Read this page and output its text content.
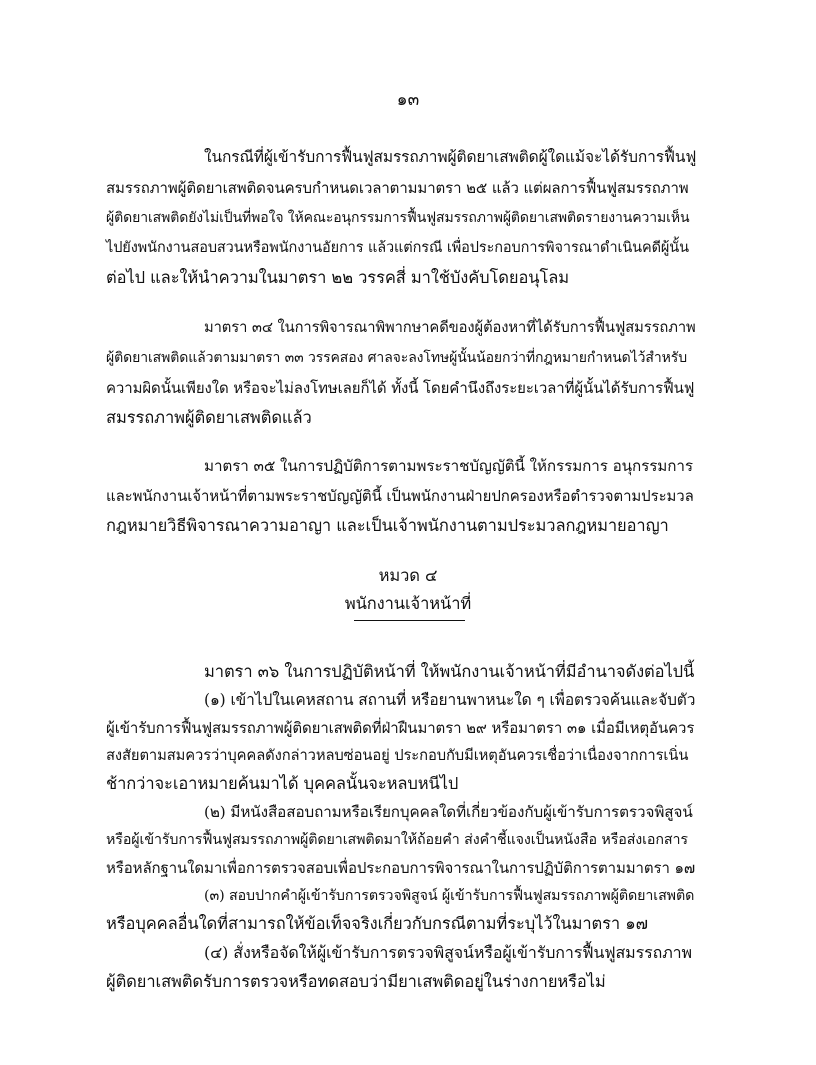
๑๓
ในกรณีที่ผู้เข้ารับการฟื้นฟูสมรรถภาพผู้ติดยาเสพติดผู้ใดแม้จะได้รับการฟื้นฟู
สมรรถภาพผู้ติดยาเสพติดจนครบกำหนดเวลาตามมาตรา ๒๕ แล้ว แต่ผลการฟื้นฟูสมรรถภาพ
ผู้ติดยาเสพติดยังไม่เป็นที่พอใจ ให้คณะอนุกรรมการฟื้นฟูสมรรถภาพผู้ติดยาเสพติดรายงานความเห็น
ไปยังพนักงานสอบสวนหรือพนักงานอัยการ แล้วแต่กรณี เพื่อประกอบการพิจารณาดำเนินคดีผู้นั้น
ต่อไป และให้นำความในมาตรา ๒๒ วรรคสี่ มาใช้บังคับโดยอนุโลม
มาตรา ๓๔ ในการพิจารณาพิพากษาคดีของผู้ต้องหาที่ได้รับการฟื้นฟูสมรรถภาพ
ผู้ติดยาเสพติดแล้วตามมาตรา ๓๓ วรรคสอง ศาลจะลงโทษผู้นั้นน้อยกว่าที่กฎหมายกำหนดไว้สำหรับ
ความผิดนั้นเพียงใด หรือจะไม่ลงโทษเลยก็ได้ ทั้งนี้ โดยคำนึงถึงระยะเวลาที่ผู้นั้นได้รับการฟื้นฟู
สมรรถภาพผู้ติดยาเสพติดแล้ว
มาตรา ๓๕ ในการปฏิบัติการตามพระราชบัญญัตินี้ ให้กรรมการ อนุกรรมการ
และพนักงานเจ้าหน้าที่ตามพระราชบัญญัตินี้ เป็นพนักงานฝ่ายปกครองหรือตำรวจตามประมวล
กฎหมายวิธีพิจารณาความอาญา และเป็นเจ้าพนักงานตามประมวลกฎหมายอาญา
หมวด ๔
พนักงานเจ้าหน้าที่
มาตรา ๓๖ ในการปฏิบัติหน้าที่ ให้พนักงานเจ้าหน้าที่มีอำนาจดังต่อไปนี้
(๑) เข้าไปในเคหสถาน สถานที่ หรือยานพาหนะใด ๆ เพื่อตรวจค้นและจับตัว
ผู้เข้ารับการฟื้นฟูสมรรถภาพผู้ติดยาเสพติดที่ฝ่าฝืนมาตรา ๒๙ หรือมาตรา ๓๑ เมื่อมีเหตุอันควร
สงสัยตามสมควรว่าบุคคลดังกล่าวหลบซ่อนอยู่ ประกอบกับมีเหตุอันควรเชื่อว่าเนื่องจากการเนิ่น
ช้ากว่าจะเอาหมายค้นมาได้ บุคคลนั้นจะหลบหนีไป
(๒) มีหนังสือสอบถามหรือเรียกบุคคลใดที่เกี่ยวข้องกับผู้เข้ารับการตรวจพิสูจน์
หรือผู้เข้ารับการฟื้นฟูสมรรถภาพผู้ติดยาเสพติดมาให้ถ้อยคำ ส่งคำชี้แจงเป็นหนังสือ หรือส่งเอกสาร
หรือหลักฐานใดมาเพื่อการตรวจสอบเพื่อประกอบการพิจารณาในการปฏิบัติการตามมาตรา ๑๗
(๓) สอบปากคำผู้เข้ารับการตรวจพิสูจน์ ผู้เข้ารับการฟื้นฟูสมรรถภาพผู้ติดยาเสพติด
หรือบุคคลอื่นใดที่สามารถให้ข้อเท็จจริงเกี่ยวกับกรณีตามที่ระบุไว้ในมาตรา ๑๗
(๔) สั่งหรือจัดให้ผู้เข้ารับการตรวจพิสูจน์หรือผู้เข้ารับการฟื้นฟูสมรรถภาพ
ผู้ติดยาเสพติดรับการตรวจหรือทดสอบว่ามียาเสพติดอยู่ในร่างกายหรือไม่
